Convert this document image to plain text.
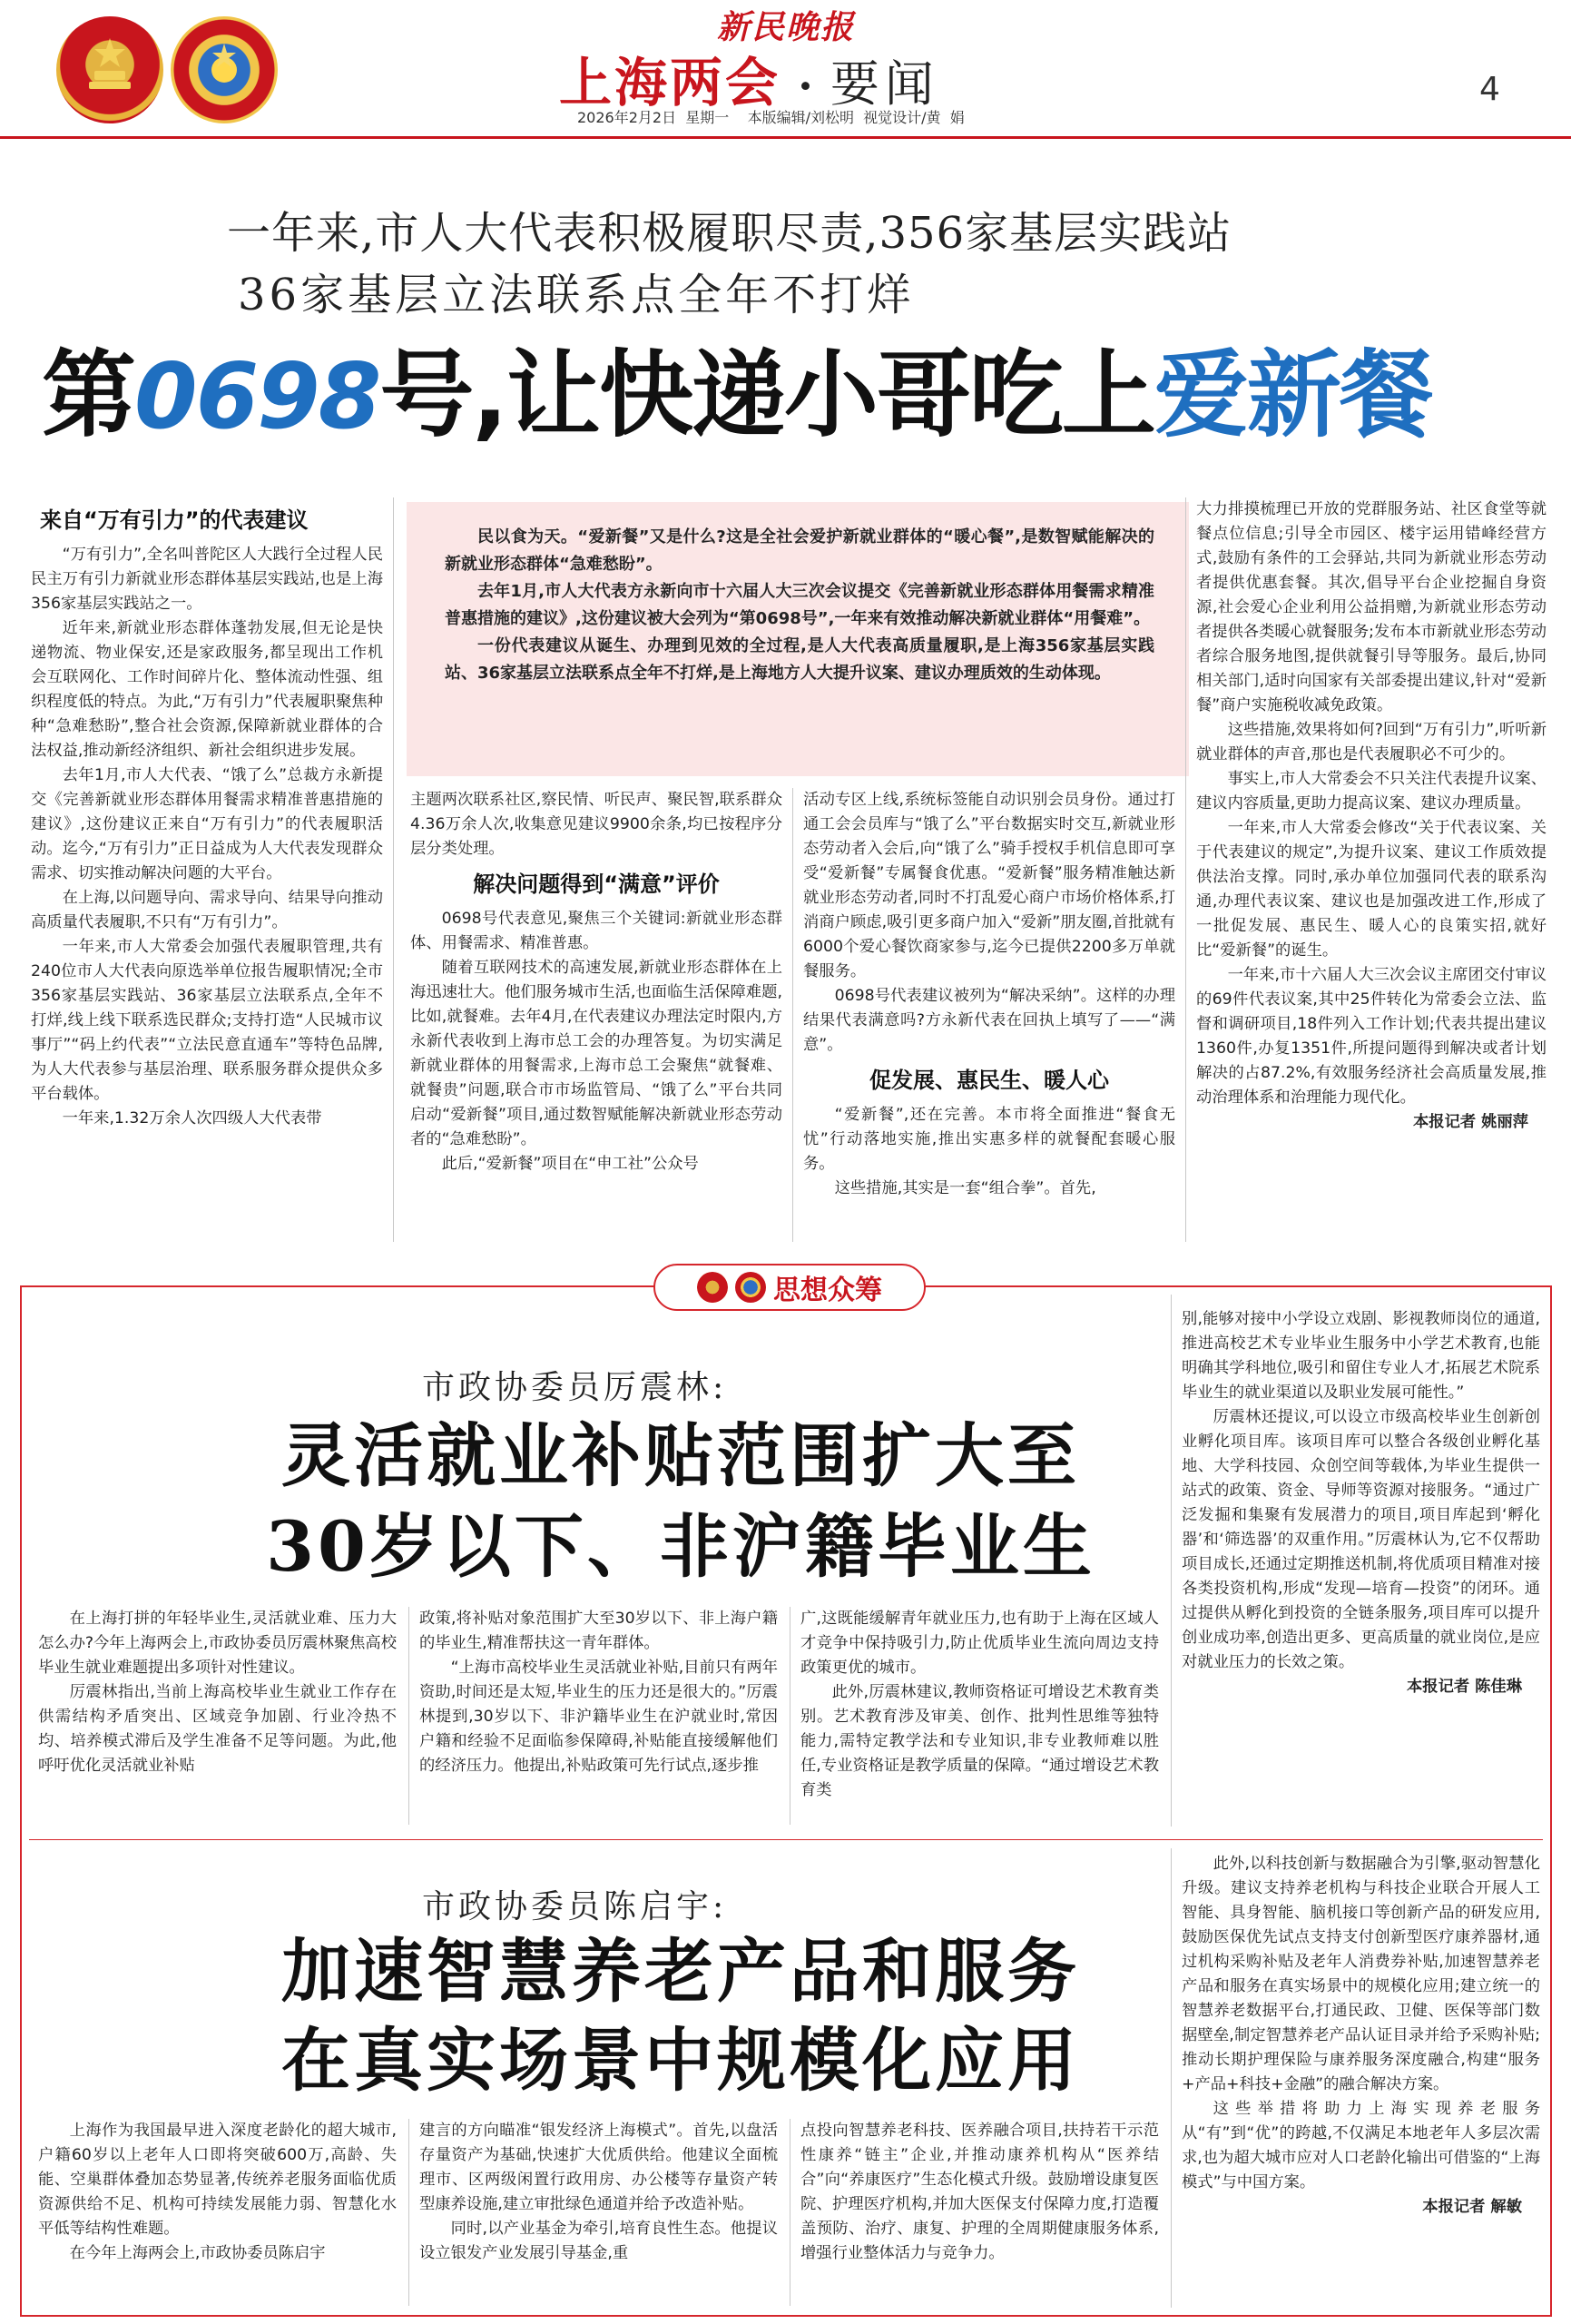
新民晚报
上海两会 · 要闻
2026年2月2日  星期一    本版编辑/刘松明  视觉设计/黄  娟
4
一年来,市人大代表积极履职尽责,356家基层实践站
36家基层立法联系点全年不打烊
第0698号,让快递小哥吃上爱新餐
来自“万有引力”的代表建议

“万有引力”,全名叫普陀区人大践行全过程人民民主万有引力新就业形态群体基层实践站,也是上海356家基层实践站之一。

近年来,新就业形态群体蓬勃发展,但无论是快递物流、物业保安,还是家政服务,都呈现出工作机会互联网化、工作时间碎片化、整体流动性强、组织程度低的特点。为此,“万有引力”代表履职聚焦种种“急难愁盼”,整合社会资源,保障新就业群体的合法权益,推动新经济组织、新社会组织进步发展。

去年1月,市人大代表、“饿了么”总裁方永新提交《完善新就业形态群体用餐需求精准普惠措施的建议》,这份建议正来自“万有引力”的代表履职活动。迄今,“万有引力”正日益成为人大代表发现群众需求、切实推动解决问题的大平台。

在上海,以问题导向、需求导向、结果导向推动高质量代表履职,不只有“万有引力”。

一年来,市人大常委会加强代表履职管理,共有240位市人大代表向原选举单位报告履职情况;全市356家基层实践站、36家基层立法联系点,全年不打烊,线上线下联系选民群众;支持打造“人民城市议事厅”“码上约代表”“立法民意直通车”等特色品牌,为人大代表参与基层治理、联系服务群众提供众多平台载体。

一年来,1.32万余人次四级人大代表带

民以食为天。“爱新餐”又是什么?这是全社会爱护新就业群体的“暖心餐”,是数智赋能解决的新就业形态群体“急难愁盼”。

去年1月,市人大代表方永新向市十六届人大三次会议提交《完善新就业形态群体用餐需求精准普惠措施的建议》,这份建议被大会列为“第0698号”,一年来有效推动解决新就业群体“用餐难”。

一份代表建议从诞生、办理到见效的全过程,是人大代表高质量履职,是上海356家基层实践站、36家基层立法联系点全年不打烊,是上海地方人大提升议案、建议办理质效的生动体现。

主题两次联系社区,察民情、听民声、聚民智,联系群众4.36万余人次,收集意见建议9900余条,均已按程序分层分类处理。

解决问题得到“满意”评价

0698号代表意见,聚焦三个关键词:新就业形态群体、用餐需求、精准普惠。

随着互联网技术的高速发展,新就业形态群体在上海迅速壮大。他们服务城市生活,也面临生活保障难题,比如,就餐难。去年4月,在代表建议办理法定时限内,方永新代表收到上海市总工会的办理答复。为切实满足新就业群体的用餐需求,上海市总工会聚焦“就餐难、就餐贵”问题,联合市市场监管局、“饿了么”平台共同启动“爱新餐”项目,通过数智赋能解决新就业形态劳动者的“急难愁盼”。

此后,“爱新餐”项目在“申工社”公众号

活动专区上线,系统标签能自动识别会员身份。通过打通工会会员库与“饿了么”平台数据实时交互,新就业形态劳动者入会后,向“饿了么”骑手授权手机信息即可享受“爱新餐”专属餐食优惠。“爱新餐”服务精准触达新就业形态劳动者,同时不打乱爱心商户市场价格体系,打消商户顾虑,吸引更多商户加入“爱新”朋友圈,首批就有6000个爱心餐饮商家参与,迄今已提供2200多万单就餐服务。

0698号代表建议被列为“解决采纳”。这样的办理结果代表满意吗?方永新代表在回执上填写了——“满意”。

促发展、惠民生、暖人心

“爱新餐”,还在完善。本市将全面推进“餐食无忧”行动落地实施,推出实惠多样的就餐配套暖心服务。

这些措施,其实是一套“组合拳”。首先,

大力排摸梳理已开放的党群服务站、社区食堂等就餐点位信息;引导全市园区、楼宇运用错峰经营方式,鼓励有条件的工会驿站,共同为新就业形态劳动者提供优惠套餐。其次,倡导平台企业挖掘自身资源,社会爱心企业利用公益捐赠,为新就业形态劳动者提供各类暖心就餐服务;发布本市新就业形态劳动者综合服务地图,提供就餐引导等服务。最后,协同相关部门,适时向国家有关部委提出建议,针对“爱新餐”商户实施税收减免政策。

这些措施,效果将如何?回到“万有引力”,听听新就业群体的声音,那也是代表履职必不可少的。

事实上,市人大常委会不只关注代表提升议案、建议内容质量,更助力提高议案、建议办理质量。

一年来,市人大常委会修改“关于代表议案、关于代表建议的规定”,为提升议案、建议工作质效提供法治支撑。同时,承办单位加强同代表的联系沟通,办理代表议案、建议也是加强改进工作,形成了一批促发展、惠民生、暖人心的良策实招,就好比“爱新餐”的诞生。

一年来,市十六届人大三次会议主席团交付审议的69件代表议案,其中25件转化为常委会立法、监督和调研项目,18件列入工作计划;代表共提出建议1360件,办复1351件,所提问题得到解决或者计划解决的占87.2%,有效服务经济社会高质量发展,推动治理体系和治理能力现代化。

本报记者 姚丽萍

思想众筹
市政协委员厉震林:
灵活就业补贴范围扩大至
30岁以下、非沪籍毕业生

在上海打拼的年轻毕业生,灵活就业难、压力大怎么办?今年上海两会上,市政协委员厉震林聚焦高校毕业生就业难题提出多项针对性建议。

厉震林指出,当前上海高校毕业生就业工作存在供需结构矛盾突出、区域竞争加剧、行业冷热不均、培养模式滞后及学生准备不足等问题。为此,他呼吁优化灵活就业补贴

政策,将补贴对象范围扩大至30岁以下、非上海户籍的毕业生,精准帮扶这一青年群体。

“上海市高校毕业生灵活就业补贴,目前只有两年资助,时间还是太短,毕业生的压力还是很大的。”厉震林提到,30岁以下、非沪籍毕业生在沪就业时,常因户籍和经验不足面临参保障碍,补贴能直接缓解他们的经济压力。他提出,补贴政策可先行试点,逐步推

广,这既能缓解青年就业压力,也有助于上海在区域人才竞争中保持吸引力,防止优质毕业生流向周边支持政策更优的城市。

此外,厉震林建议,教师资格证可增设艺术教育类别。艺术教育涉及审美、创作、批判性思维等独特能力,需特定教学法和专业知识,非专业教师难以胜任,专业资格证是教学质量的保障。“通过增设艺术教育类

别,能够对接中小学设立戏剧、影视教师岗位的通道,推进高校艺术专业毕业生服务中小学艺术教育,也能明确其学科地位,吸引和留住专业人才,拓展艺术院系毕业生的就业渠道以及职业发展可能性。”

厉震林还提议,可以设立市级高校毕业生创新创业孵化项目库。该项目库可以整合各级创业孵化基地、大学科技园、众创空间等载体,为毕业生提供一站式的政策、资金、导师等资源对接服务。“通过广泛发掘和集聚有发展潜力的项目,项目库起到‘孵化器’和‘筛选器’的双重作用。”厉震林认为,它不仅帮助项目成长,还通过定期推送机制,将优质项目精准对接各类投资机构,形成“发现—培育—投资”的闭环。通过提供从孵化到投资的全链条服务,项目库可以提升创业成功率,创造出更多、更高质量的就业岗位,是应对就业压力的长效之策。

本报记者 陈佳琳

市政协委员陈启宇:
加速智慧养老产品和服务
在真实场景中规模化应用

上海作为我国最早进入深度老龄化的超大城市,户籍60岁以上老年人口即将突破600万,高龄、失能、空巢群体叠加态势显著,传统养老服务面临优质资源供给不足、机构可持续发展能力弱、智慧化水平低等结构性难题。

在今年上海两会上,市政协委员陈启宇

建言的方向瞄准“银发经济上海模式”。首先,以盘活存量资产为基础,快速扩大优质供给。他建议全面梳理市、区两级闲置行政用房、办公楼等存量资产转型康养设施,建立审批绿色通道并给予改造补贴。

同时,以产业基金为牵引,培育良性生态。他提议设立银发产业发展引导基金,重

点投向智慧养老科技、医养融合项目,扶持若干示范性康养“链主”企业,并推动康养机构从“医养结合”向“养康医疗”生态化模式升级。鼓励增设康复医院、护理医疗机构,并加大医保支付保障力度,打造覆盖预防、治疗、康复、护理的全周期健康服务体系,增强行业整体活力与竞争力。

此外,以科技创新与数据融合为引擎,驱动智慧化升级。建议支持养老机构与科技企业联合开展人工智能、具身智能、脑机接口等创新产品的研发应用,鼓励医保优先试点支持支付创新型医疗康养器材,通过机构采购补贴及老年人消费券补贴,加速智慧养老产品和服务在真实场景中的规模化应用;建立统一的智慧养老数据平台,打通民政、卫健、医保等部门数据壁垒,制定智慧养老产品认证目录并给予采购补贴;推动长期护理保险与康养服务深度融合,构建“服务+产品+科技+金融”的融合解决方案。

这些举措将助力上海实现养老服务从“有”到“优”的跨越,不仅满足本地老年人多层次需求,也为超大城市应对人口老龄化输出可借鉴的“上海模式”与中国方案。

本报记者 解敏
